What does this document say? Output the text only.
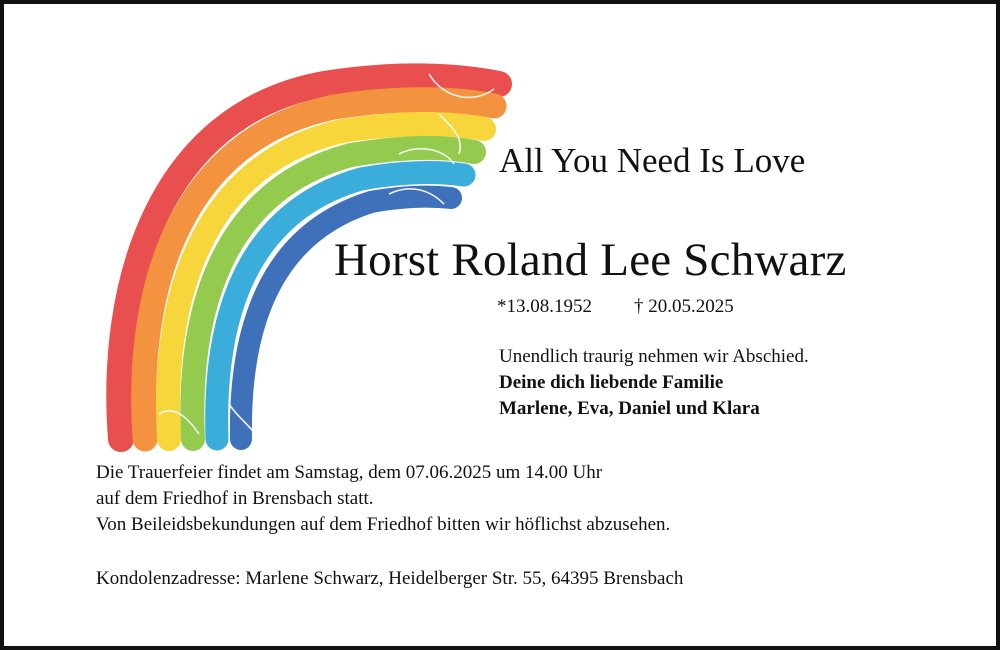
All You Need Is Love
Horst Roland Lee Schwarz
*13.08.1952 † 20.05.2025
Unendlich traurig nehmen wir Abschied.
Deine dich liebende Familie
Marlene, Eva, Daniel und Klara
Die Trauerfeier findet am Samstag, dem 07.06.2025 um 14.00 Uhr
auf dem Friedhof in Brensbach statt.
Von Beileidsbekundungen auf dem Friedhof bitten wir höflichst abzusehen.
Kondolenzadresse: Marlene Schwarz, Heidelberger Str. 55, 64395 Brensbach
